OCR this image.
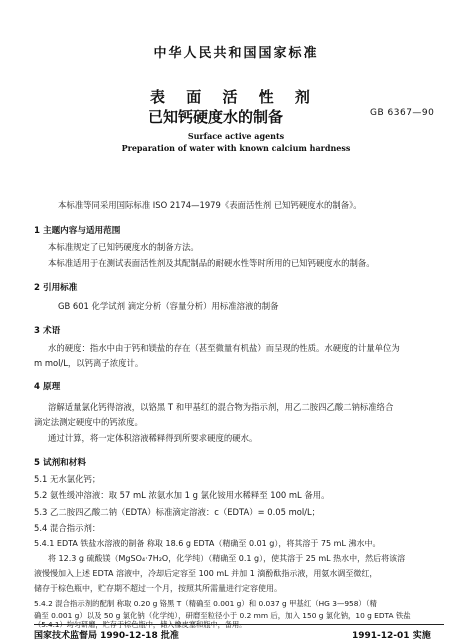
中华人民共和国国家标准
表 面 活 性 剂
已知钙硬度水的制备	GB 6367—90
Surface active agents
Preparation of water with known calcium hardness
本标准等同采用国际标准 ISO 2174—1979《表面活性剂 已知钙硬度水的制备》。
1 主题内容与适用范围
本标准规定了已知钙硬度水的制备方法。
本标准适用于在测试表面活性剂及其配制品的耐硬水性等时所用的已知钙硬度水的制备。
2 引用标准
GB 601 化学试剂 滴定分析（容量分析）用标准溶液的制备
3 术语
水的硬度：指水中由于钙和镁盐的存在（甚至微量有机盐）而呈现的性质。水硬度的计量单位为
m mol/L，以钙离子浓度计。
4 原理
溶解适量氯化钙得溶液，以铬黑 T 和甲基红的混合物为指示剂，用乙二胺四乙酸二钠标准络合
滴定法测定硬度中的钙浓度。
通过计算，将一定体积溶液稀释得到所要求硬度的硬水。
5 试剂和材料
5.1 无水氯化钙；
5.2 氨性缓冲溶液：取 57 mL 浓氨水加 1 g 氯化铵用水稀释至 100 mL 备用。
5.3 乙二胺四乙酸二钠（EDTA）标准滴定溶液：c（EDTA）= 0.05 mol/L；
5.4 混合指示剂：
5.4.1 EDTA 铁盐水溶液的制备 称取 18.6 g EDTA（精确至 0.01 g），将其溶于 75 mL 沸水中。
将 12.3 g 硫酸镁（MgSO₄·7H₂O，化学纯）（精确至 0.1 g），使其溶于 25 mL 热水中，然后将该溶
液慢慢加入上述 EDTA 溶液中，冷却后定容至 100 mL 并加 1 滴酚酞指示液，用氨水调至微红，
储存于棕色瓶中，贮存期不超过一个月，按照其所需量进行定容使用。
5.4.2 混合指示剂的配制 称取 0.20 g 铬黑 T（精确至 0.001 g）和 0.037 g 甲基红（HG 3—958）（精
确至 0.001 g）以及 50 g 氯化钠（化学纯），研磨至粒径小于 0.2 mm 后，加入 150 g 氯化钠，10 g EDTA 铁盐
国家技术监督局 1990-12-18 批准	1991-12-01 实施
